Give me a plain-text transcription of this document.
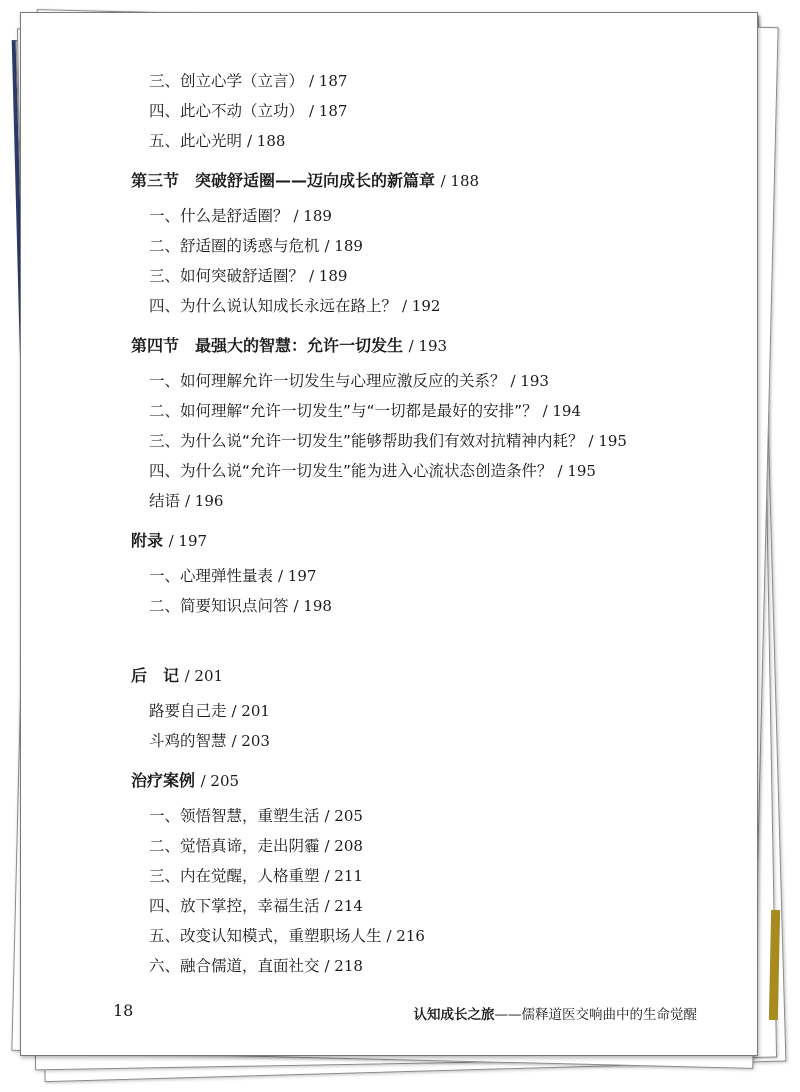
三、创立心学（立言） / 187
四、此心不动（立功） / 187
五、此心光明 / 188
第三节　突破舒适圈——迈向成长的新篇章 / 188
一、什么是舒适圈？ / 189
二、舒适圈的诱惑与危机 / 189
三、如何突破舒适圈？ / 189
四、为什么说认知成长永远在路上？ / 192
第四节　最强大的智慧：允许一切发生 / 193
一、如何理解允许一切发生与心理应激反应的关系？ / 193
二、如何理解“允许一切发生”与“一切都是最好的安排”？ / 194
三、为什么说“允许一切发生”能够帮助我们有效对抗精神内耗？ / 195
四、为什么说“允许一切发生”能为进入心流状态创造条件？ / 195
结语 / 196
附录 / 197
一、心理弹性量表 / 197
二、简要知识点问答 / 198
后　记 / 201
路要自己走 / 201
斗鸡的智慧 / 203
治疗案例 / 205
一、领悟智慧，重塑生活 / 205
二、觉悟真谛，走出阴霾 / 208
三、内在觉醒，人格重塑 / 211
四、放下掌控，幸福生活 / 214
五、改变认知模式，重塑职场人生 / 216
六、融合儒道，直面社交 / 218
18	认知成长之旅——儒释道医交响曲中的生命觉醒
